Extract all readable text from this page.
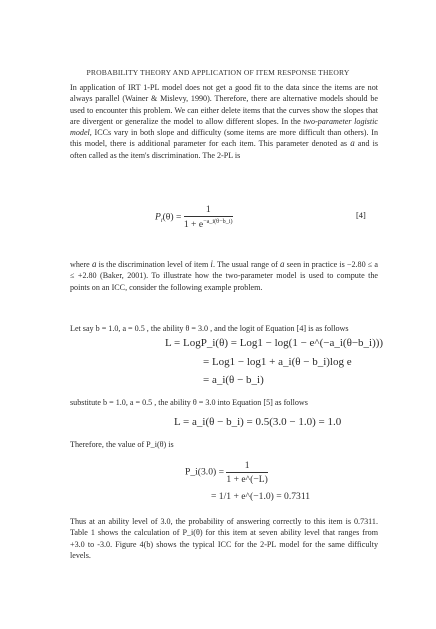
PROBABILITY THEORY AND APPLICATION OF ITEM RESPONSE THEORY
In application of IRT 1-PL model does not get a good fit to the data since the items are not always parallel (Wainer & Mislevy, 1990). Therefore, there are alternative models should be used to encounter this problem. We can either delete items that the curves show the slopes that are divergent or generalize the model to allow different slopes. In the two-parameter logistic model, ICCs vary in both slope and difficulty (some items are more difficult than others). In this model, there is additional parameter for each item. This parameter denoted as a and is often called as the item's discrimination. The 2-PL is
$P_i(\theta) = \frac{1}{1 + e^{-a\_i(\theta-b\_i)}}$	[4]
where a is the discrimination level of item i. The usual range of a seen in practice is −2.80 ≤ a ≤ +2.80 (Baker, 2001). To illustrate how the two-parameter model is used to compute the points on an ICC, consider the following example problem.
Let say b = 1.0, a = 0.5 , the ability θ = 3.0 , and the logit of Equation [4] is as follows
L = LogP_i(θ) = Log1 − log(1 − e^(−a_i(θ−b_i)))
= Log1 − log1 + a_i(θ − b_i)log e
= a_i(θ − b_i)
substitute b = 1.0, a = 0.5 , the ability θ = 3.0 into Equation [5] as follows
L = a_i(θ − b_i) = 0.5(3.0 − 1.0) = 1.0
Therefore, the value of P_i(θ) is
P_i(3.0) = $\frac{1}{1 + e\^{}(-L)}$
= 1/1 + e^(−1.0) = 0.7311
Thus at an ability level of 3.0, the probability of answering correctly to this item is 0.7311. Table 1 shows the calculation of P_i(θ) for this item at seven ability level that ranges from +3.0 to -3.0. Figure 4(b) shows the typical ICC for the 2-PL model for the same difficulty levels.
